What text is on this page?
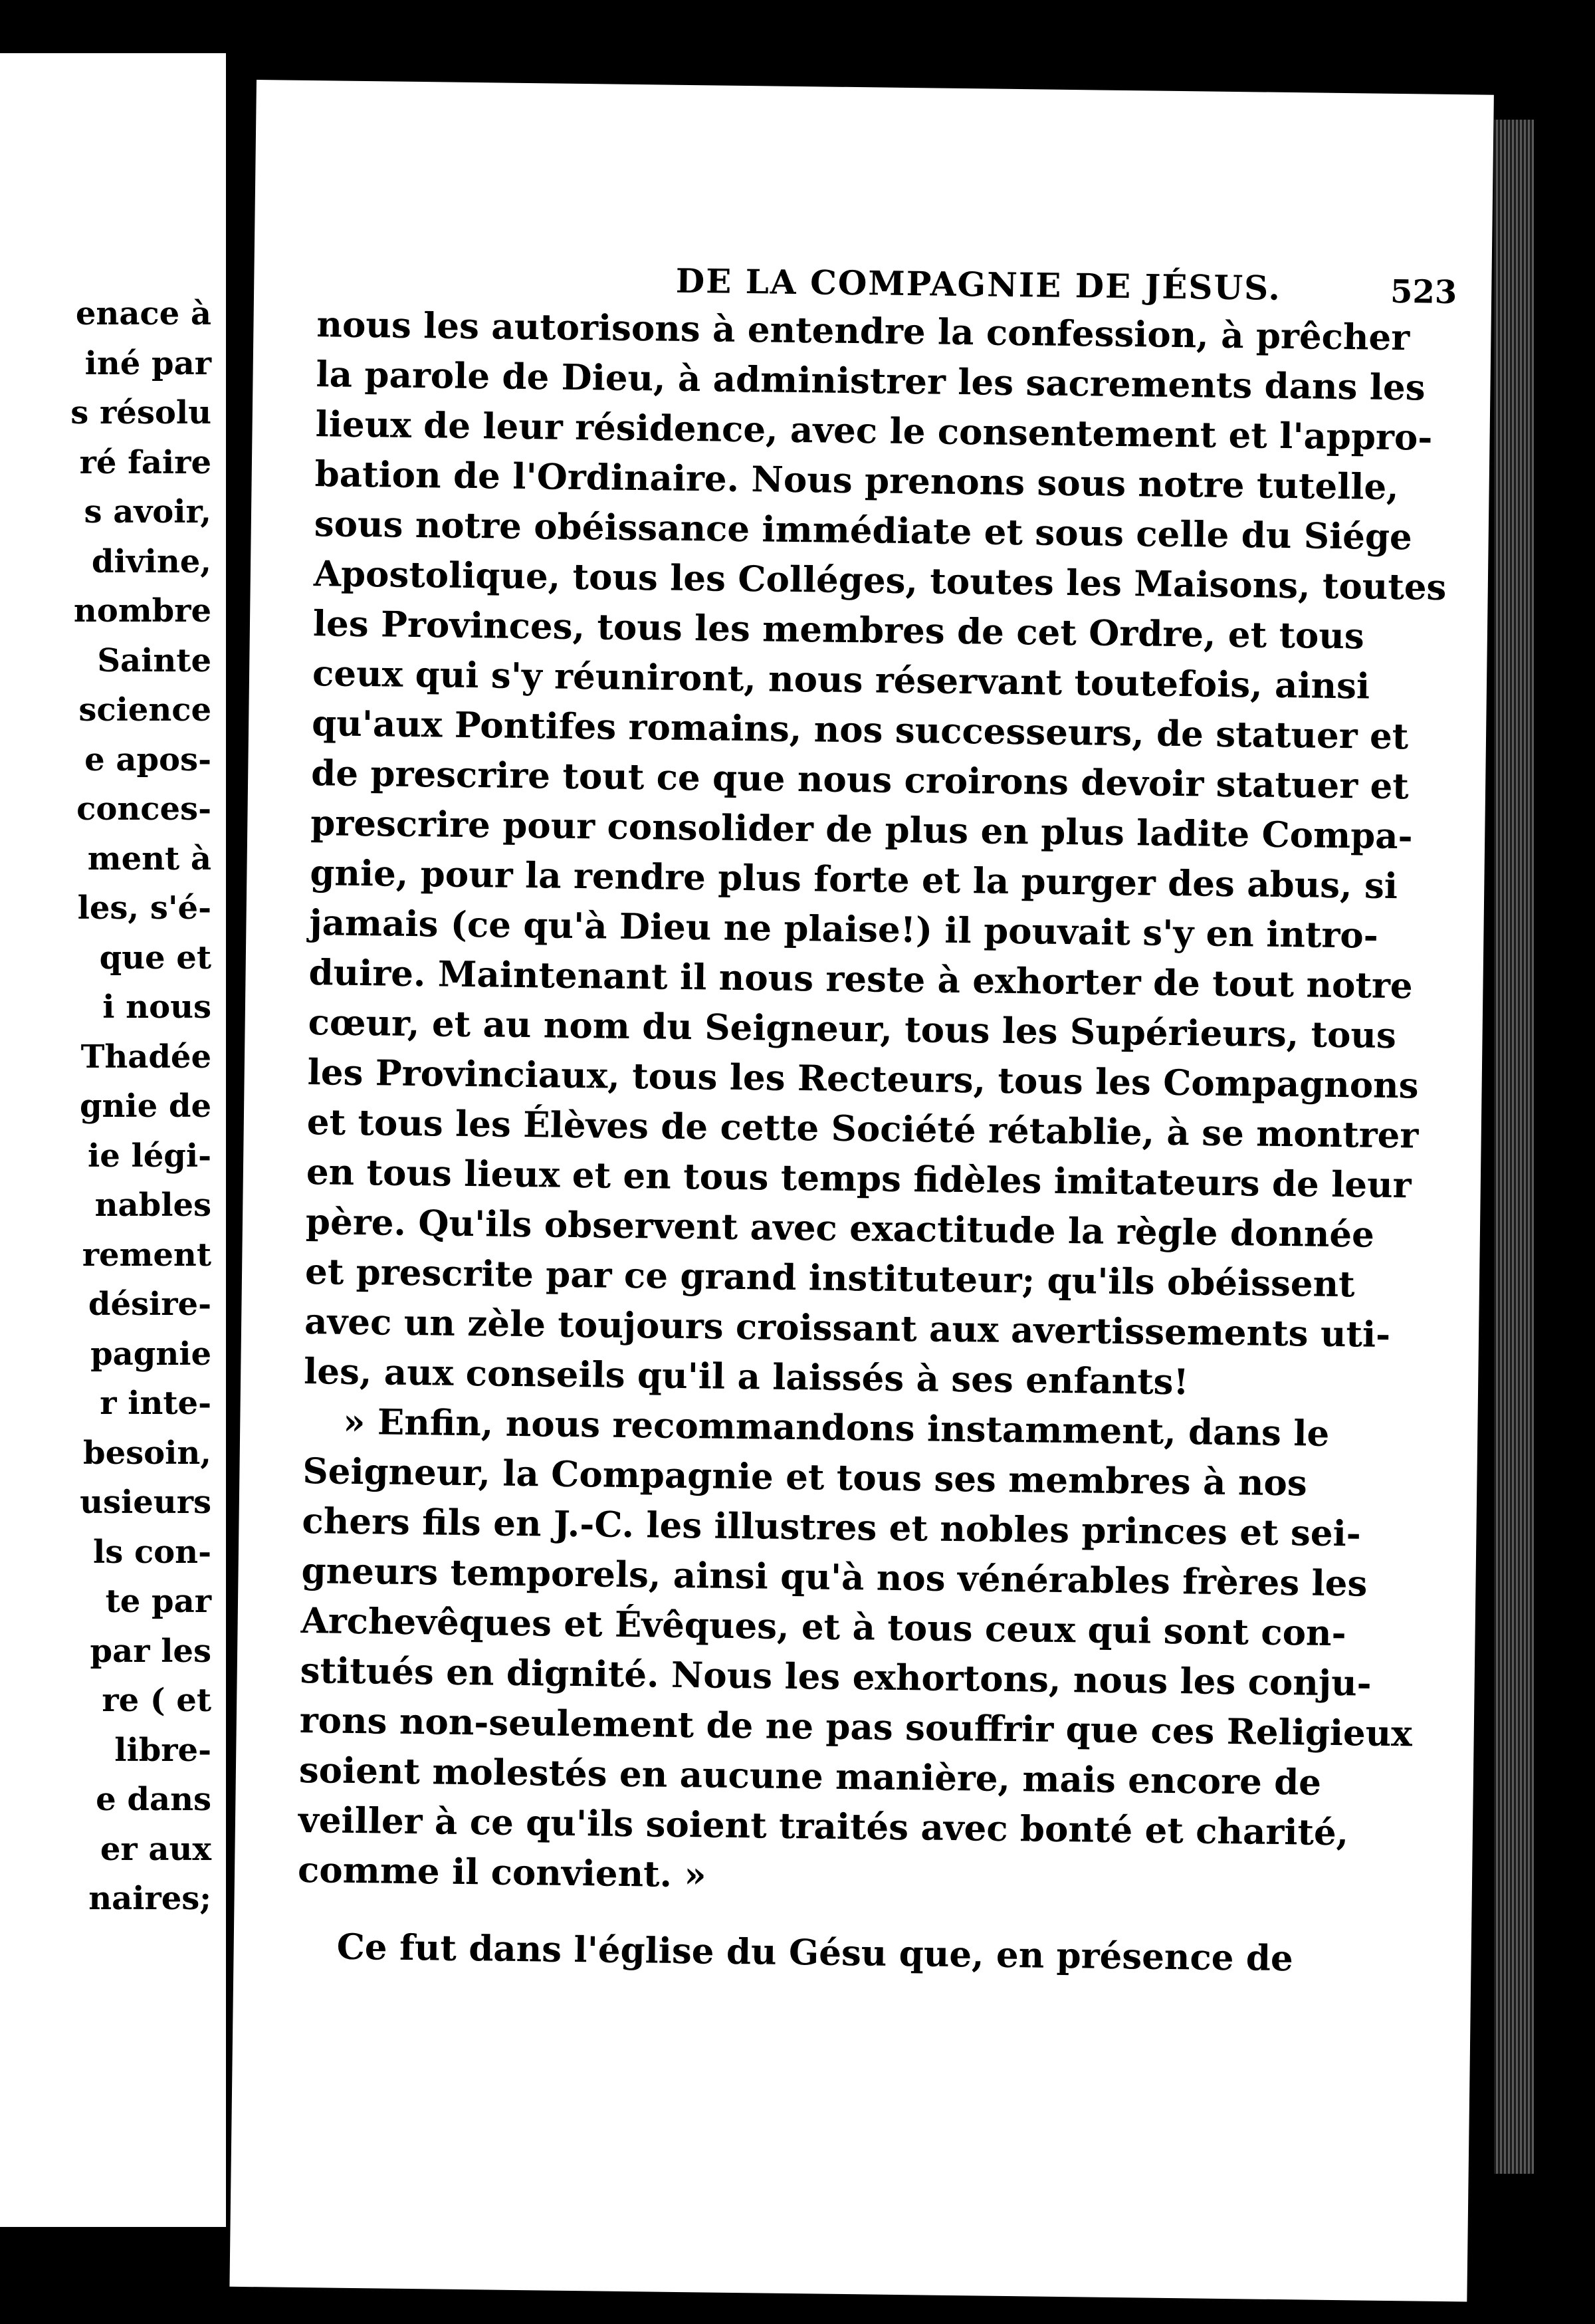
enace à
iné par
s résolu
ré faire
s avoir,
divine,
nombre
Sainte
science
e apos-
conces-
ment à
les, s'é-
que et
i nous
Thadée
gnie de
ie légi-
nables
rement
désire-
pagnie
r inte-
besoin,
usieurs
ls con-
te par
par les
re ( et
libre-
e dans
er aux
naires;
DE LA COMPAGNIE DE JÉSUS.	523
nous les autorisons à entendre la confession, à prêcher
la parole de Dieu, à administrer les sacrements dans les
lieux de leur résidence, avec le consentement et l'appro-
bation de l'Ordinaire. Nous prenons sous notre tutelle,
sous notre obéissance immédiate et sous celle du Siége
Apostolique, tous les Colléges, toutes les Maisons, toutes
les Provinces, tous les membres de cet Ordre, et tous
ceux qui s'y réuniront, nous réservant toutefois, ainsi
qu'aux Pontifes romains, nos successeurs, de statuer et
de prescrire tout ce que nous croirons devoir statuer et
prescrire pour consolider de plus en plus ladite Compa-
gnie, pour la rendre plus forte et la purger des abus, si
jamais (ce qu'à Dieu ne plaise!) il pouvait s'y en intro-
duire. Maintenant il nous reste à exhorter de tout notre
cœur, et au nom du Seigneur, tous les Supérieurs, tous
les Provinciaux, tous les Recteurs, tous les Compagnons
et tous les Élèves de cette Société rétablie, à se montrer
en tous lieux et en tous temps fidèles imitateurs de leur
père. Qu'ils observent avec exactitude la règle donnée
et prescrite par ce grand instituteur; qu'ils obéissent
avec un zèle toujours croissant aux avertissements uti-
les, aux conseils qu'il a laissés à ses enfants!
» Enfin, nous recommandons instamment, dans le
Seigneur, la Compagnie et tous ses membres à nos
chers fils en J.-C. les illustres et nobles princes et sei-
gneurs temporels, ainsi qu'à nos vénérables frères les
Archevêques et Évêques, et à tous ceux qui sont con-
stitués en dignité. Nous les exhortons, nous les conju-
rons non-seulement de ne pas souffrir que ces Religieux
soient molestés en aucune manière, mais encore de
veiller à ce qu'ils soient traités avec bonté et charité,
comme il convient. »
Ce fut dans l'église du Gésu que, en présence de
